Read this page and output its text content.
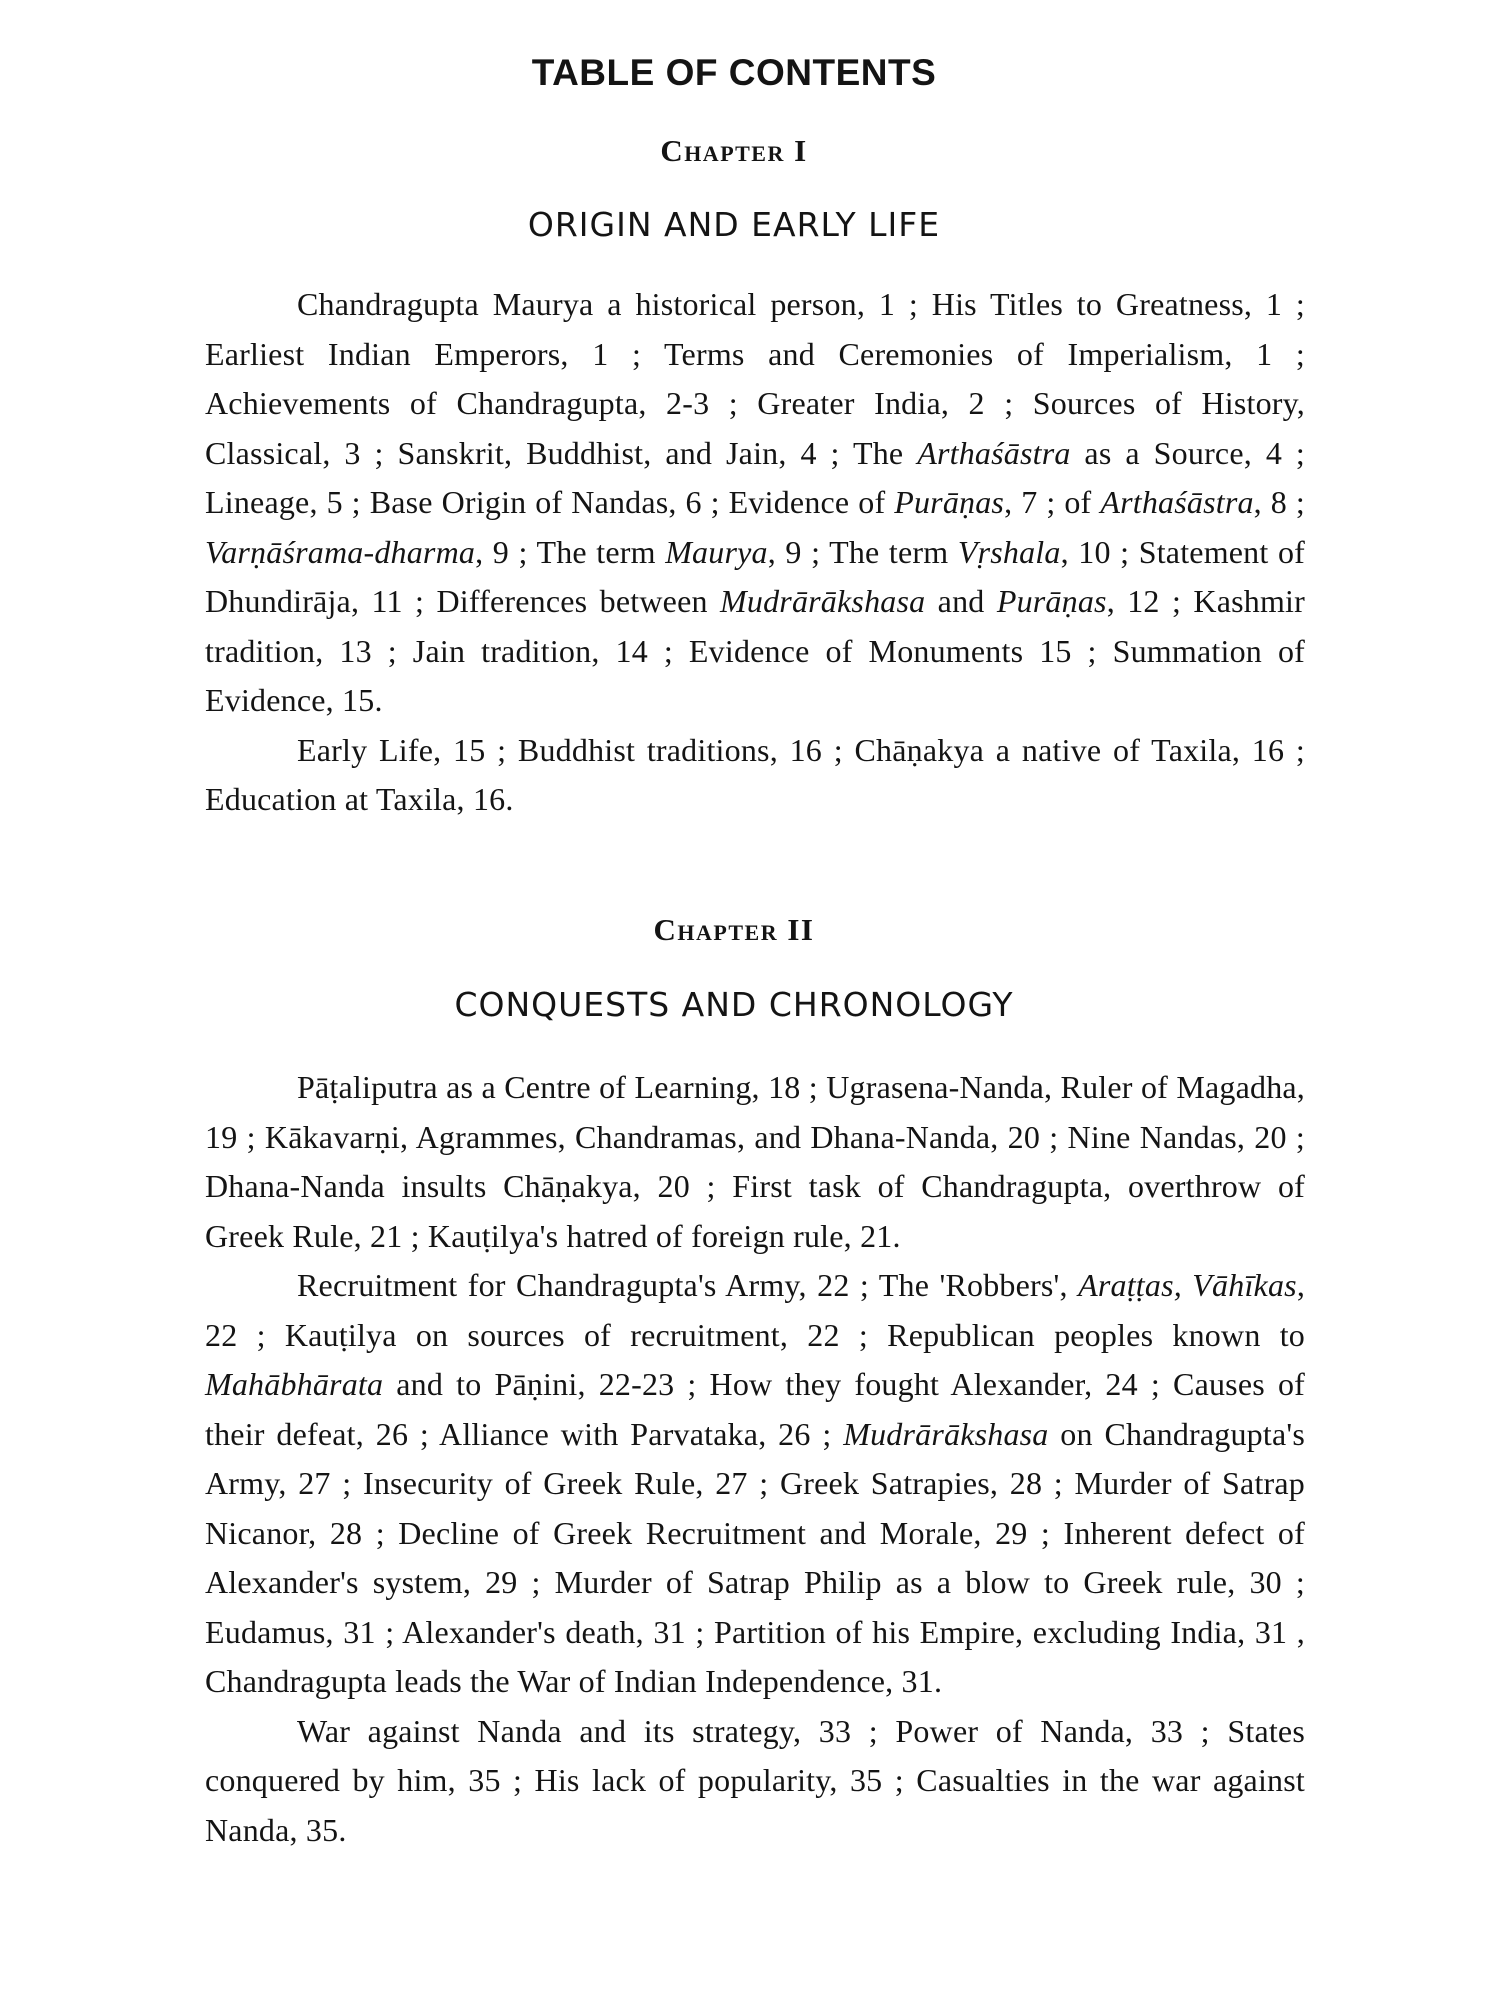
TABLE OF CONTENTS
Chapter I
ORIGIN AND EARLY LIFE

Chandragupta Maurya a historical person, 1 ; His Titles to Greatness, 1 ; Earliest Indian Emperors, 1 ; Terms and Ceremonies of Imperialism, 1 ; Achievements of Chandragupta, 2-3 ; Greater India, 2 ; Sources of History, Classical, 3 ; Sanskrit, Buddhist, and Jain, 4 ; The Arthaśāstra as a Source, 4 ; Lineage, 5 ; Base Origin of Nandas, 6 ; Evidence of Purāṇas, 7 ; of Arthaśāstra, 8 ; Varṇāśrama-dharma, 9 ; The term Maurya, 9 ; The term Vṛshala, 10 ; Statement of Dhundirāja, 11 ; Differences between Mudrārākshasa and Purāṇas, 12 ; Kashmir tradition, 13 ; Jain tradition, 14 ; Evidence of Monuments 15 ; Summation of Evidence, 15.

Early Life, 15 ; Buddhist traditions, 16 ; Chāṇakya a native of Taxila, 16 ; Education at Taxila, 16.

Chapter II
CONQUESTS AND CHRONOLOGY

Pāṭaliputra as a Centre of Learning, 18 ; Ugrasena-Nanda, Ruler of Magadha, 19 ; Kākavarṇi, Agrammes, Chandramas, and Dhana-Nanda, 20 ; Nine Nandas, 20 ; Dhana-Nanda insults Chāṇakya, 20 ; First task of Chandragupta, overthrow of Greek Rule, 21 ; Kauṭilya's hatred of foreign rule, 21.

Recruitment for Chandragupta's Army, 22 ; The 'Robbers', Araṭṭas, Vāhīkas, 22 ; Kauṭilya on sources of recruitment, 22 ; Republican peoples known to Mahābhārata and to Pāṇini, 22-23 ; How they fought Alexander, 24 ; Causes of their defeat, 26 ; Alliance with Parvataka, 26 ; Mudrārākshasa on Chandragupta's Army, 27 ; Insecurity of Greek Rule, 27 ; Greek Satrapies, 28 ; Murder of Satrap Nicanor, 28 ; Decline of Greek Recruitment and Morale, 29 ; Inherent defect of Alexander's system, 29 ; Murder of Satrap Philip as a blow to Greek rule, 30 ; Eudamus, 31 ; Alexander's death, 31 ; Partition of his Empire, excluding India, 31 , Chandragupta leads the War of Indian Independence, 31.

War against Nanda and its strategy, 33 ; Power of Nanda, 33 ; States conquered by him, 35 ; His lack of popularity, 35 ; Casualties in the war against Nanda, 35.
